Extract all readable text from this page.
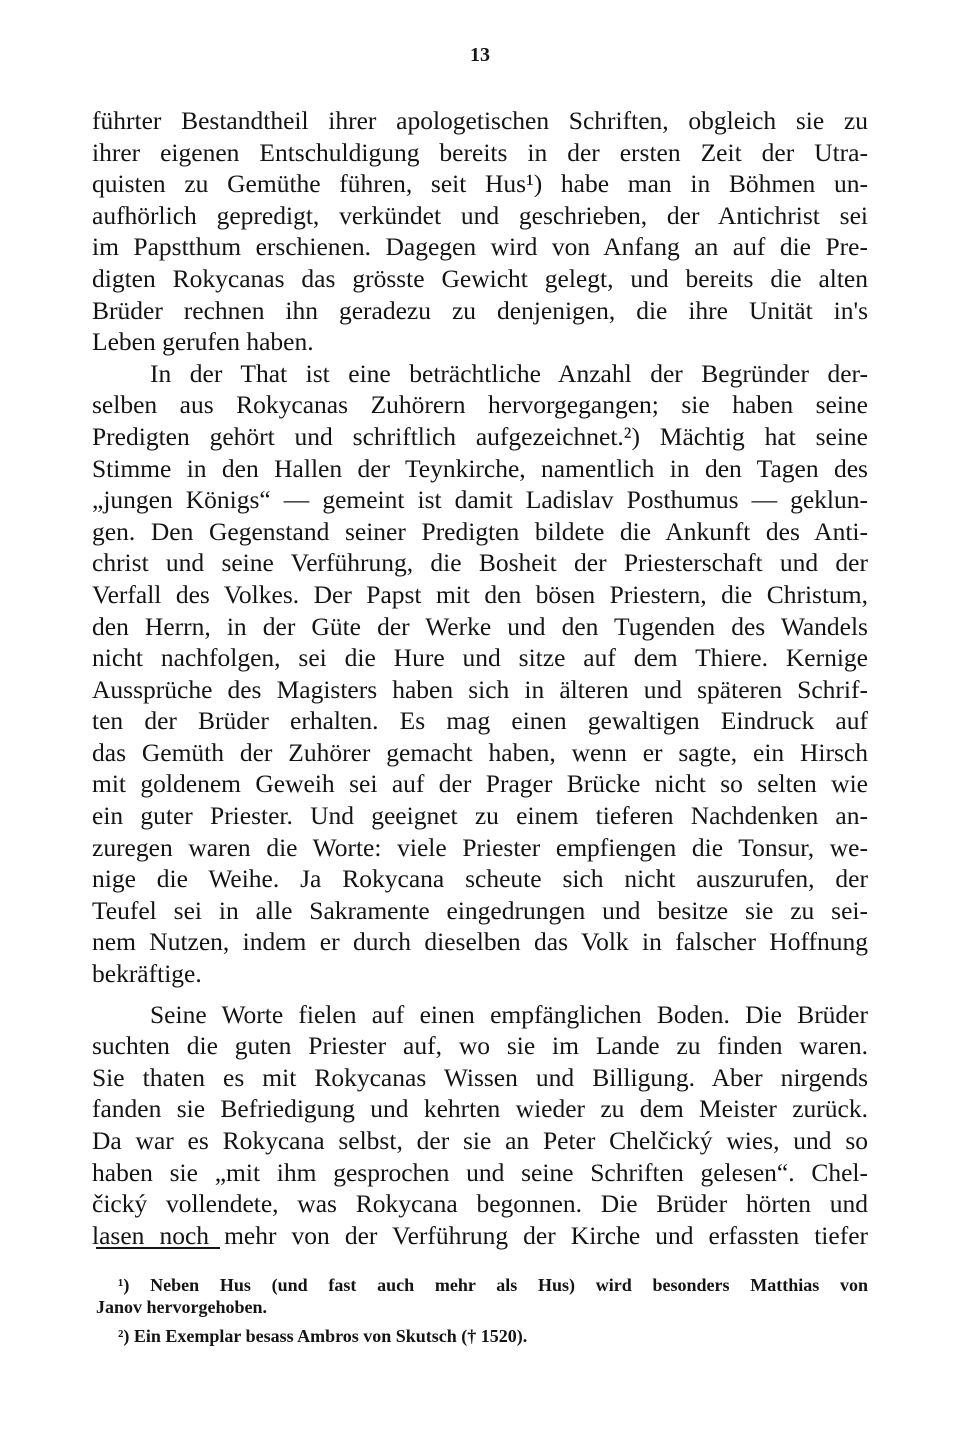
13
führter Bestandtheil ihrer apologetischen Schriften, obgleich sie zu
ihrer eigenen Entschuldigung bereits in der ersten Zeit der Utra-
quisten zu Gemüthe führen, seit Hus¹) habe man in Böhmen un-
aufhörlich gepredigt, verkündet und geschrieben, der Antichrist sei
im Papstthum erschienen. Dagegen wird von Anfang an auf die Pre-
digten Rokycanas das grösste Gewicht gelegt, und bereits die alten
Brüder rechnen ihn geradezu zu denjenigen, die ihre Unität in's
Leben gerufen haben.
In der That ist eine beträchtliche Anzahl der Begründer der-
selben aus Rokycanas Zuhörern hervorgegangen; sie haben seine
Predigten gehört und schriftlich aufgezeichnet.²) Mächtig hat seine
Stimme in den Hallen der Teynkirche, namentlich in den Tagen des
„jungen Königs“ — gemeint ist damit Ladislav Posthumus — geklun-
gen. Den Gegenstand seiner Predigten bildete die Ankunft des Anti-
christ und seine Verführung, die Bosheit der Priesterschaft und der
Verfall des Volkes. Der Papst mit den bösen Priestern, die Christum,
den Herrn, in der Güte der Werke und den Tugenden des Wandels
nicht nachfolgen, sei die Hure und sitze auf dem Thiere. Kernige
Aussprüche des Magisters haben sich in älteren und späteren Schrif-
ten der Brüder erhalten. Es mag einen gewaltigen Eindruck auf
das Gemüth der Zuhörer gemacht haben, wenn er sagte, ein Hirsch
mit goldenem Geweih sei auf der Prager Brücke nicht so selten wie
ein guter Priester. Und geeignet zu einem tieferen Nachdenken an-
zuregen waren die Worte: viele Priester empfiengen die Tonsur, we-
nige die Weihe. Ja Rokycana scheute sich nicht auszurufen, der
Teufel sei in alle Sakramente eingedrungen und besitze sie zu sei-
nem Nutzen, indem er durch dieselben das Volk in falscher Hoffnung
bekräftige.
Seine Worte fielen auf einen empfänglichen Boden. Die Brüder
suchten die guten Priester auf, wo sie im Lande zu finden waren.
Sie thaten es mit Rokycanas Wissen und Billigung. Aber nirgends
fanden sie Befriedigung und kehrten wieder zu dem Meister zurück.
Da war es Rokycana selbst, der sie an Peter Chelčický wies, und so
haben sie „mit ihm gesprochen und seine Schriften gelesen“. Chel-
čický vollendete, was Rokycana begonnen. Die Brüder hörten und
lasen noch mehr von der Verführung der Kirche und erfassten tiefer
¹) Neben Hus (und fast auch mehr als Hus) wird besonders Matthias von
Janov hervorgehoben.
²) Ein Exemplar besass Ambros von Skutsch († 1520).
